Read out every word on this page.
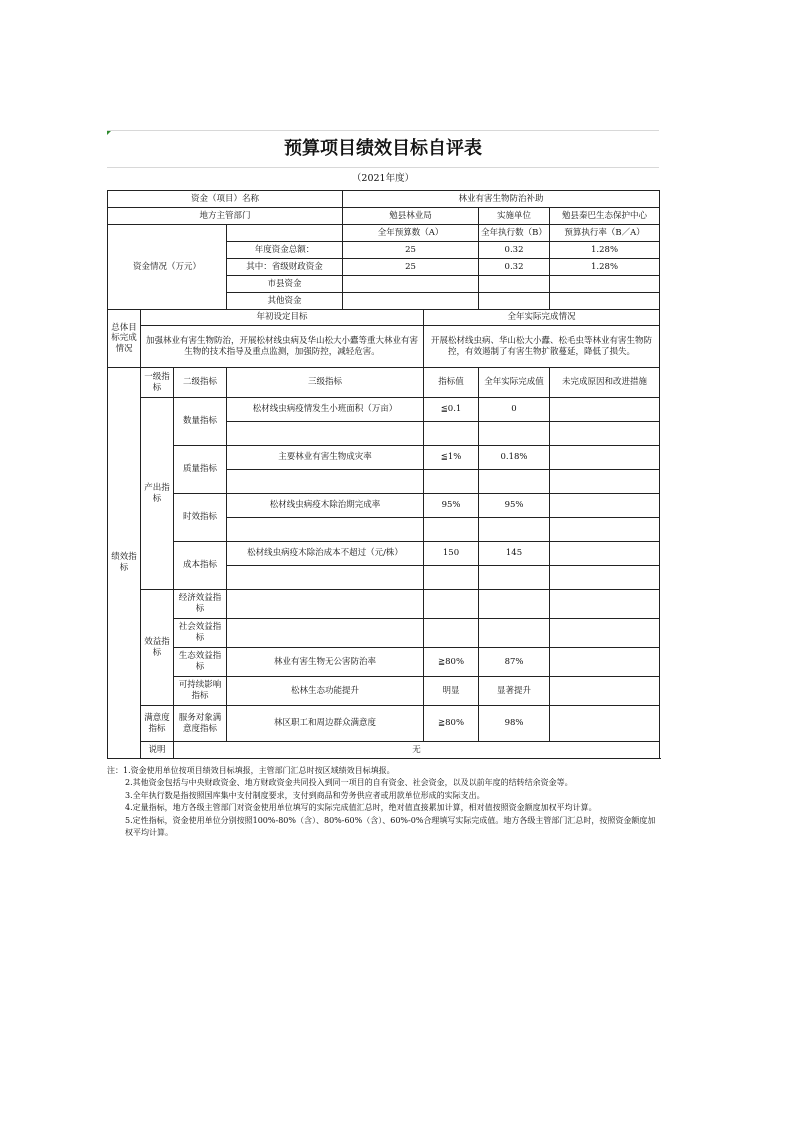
预算项目绩效目标自评表
（2021年度）
资金（项目）名称				林业有害生物防治补助			
地方主管部门				勉县林业局		实施单位	勉县秦巴生态保护中心
资金情况（万元）				全年预算数（A）		全年执行数（B）	预算执行率（B／A）
			年度资金总额：	25		0.32	1.28%
			其中：省级财政资金	25		0.32	1.28%
			市县资金				
			其他资金				
总体目标完成情况	年初设定目标				全年实际完成情况		
	加强林业有害生物防治，开展松材线虫病及华山松大小蠹等重大林业有害生物的技术指导及重点监测，加强防控，减轻危害。				开展松材线虫病、华山松大小蠹、松毛虫等林业有害生物防控，有效遏制了有害生物扩散蔓延，降低了损失。		
绩效指标	一级指标	二级指标	三级指标		指标值	全年实际完成值	未完成原因和改进措施
	产出指标	数量指标	松材线虫病疫情发生小班面积（万亩）		≦0.1	0	

		质量指标	主要林业有害生物成灾率		≦1%	0.18%	

		时效指标	松材线虫病疫木除治期完成率		95%	95%	

		成本指标	松材线虫病疫木除治成本不超过（元/株）		150	145	

	效益指标	经济效益指标					
		社会效益指标					
		生态效益指标	林业有害生物无公害防治率		≧80%	87%	
		可持续影响指标	松林生态功能提升		明显	显著提升	
	满意度指标	服务对象满意度指标	林区职工和周边群众满意度		≧80%	98%	
	说明	无					

注：1.资金使用单位按项目绩效目标填报，主管部门汇总时按区域绩效目标填报。

2.其他资金包括与中央财政资金、地方财政资金共同投入到同一项目的自有资金、社会资金，以及以前年度的结转结余资金等。

3.全年执行数是指按照国库集中支付制度要求，支付到商品和劳务供应者或用款单位形成的实际支出。

4.定量指标，地方各级主管部门对资金使用单位填写的实际完成值汇总时，绝对值直接累加计算，相对值按照资金额度加权平均计算。

5.定性指标，资金使用单位分别按照100%-80%（含）、80%-60%（含）、60%-0%合理填写实际完成值。地方各级主管部门汇总时，按照资金额度加权平均计算。
